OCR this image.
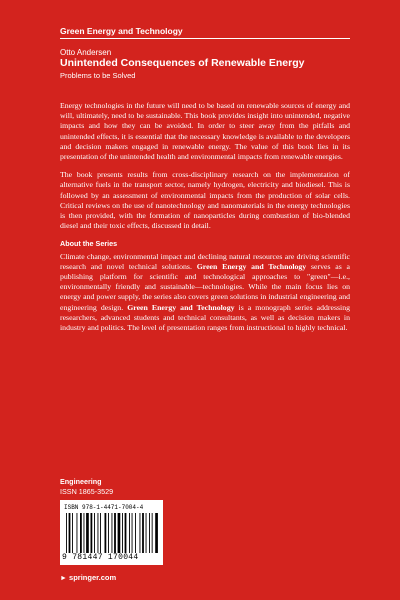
Green Energy and Technology
Otto Andersen
Unintended Consequences of Renewable Energy
Problems to be Solved

Energy technologies in the future will need to be based on renewable sources of energy and will, ultimately, need to be sustainable. This book provides insight into unintended, negative impacts and how they can be avoided. In order to steer away from the pitfalls and unintended effects, it is essential that the necessary knowledge is available to the developers and decision makers engaged in renewable energy. The value of this book lies in its presentation of the unintended health and environmental impacts from renewable energies.

The book presents results from cross-disciplinary research on the implementation of alternative fuels in the transport sector, namely hydrogen, electricity and biodiesel. This is followed by an assessment of environmental impacts from the production of solar cells. Critical reviews on the use of nanotechnology and nanomaterials in the energy technologies is then provided, with the formation of nanoparticles during combustion of bio-blended diesel and their toxic effects, discussed in detail.

About the Series

Climate change, environmental impact and declining natural resources are driving scientific research and novel technical solutions. Green Energy and Technology serves as a publishing platform for scientific and technological approaches to "green"—i.e., environmentally friendly and sustainable—technologies. While the main focus lies on energy and power supply, the series also covers green solutions in industrial engineering and engineering design. Green Energy and Technology is a monograph series addressing researchers, advanced students and technical consultants, as well as decision makers in industry and politics. The level of presentation ranges from instructional to highly technical.

Engineering
ISSN 1865-3529
ISBN 978-1-4471-7004-4
9 781447 170044
► springer.com
